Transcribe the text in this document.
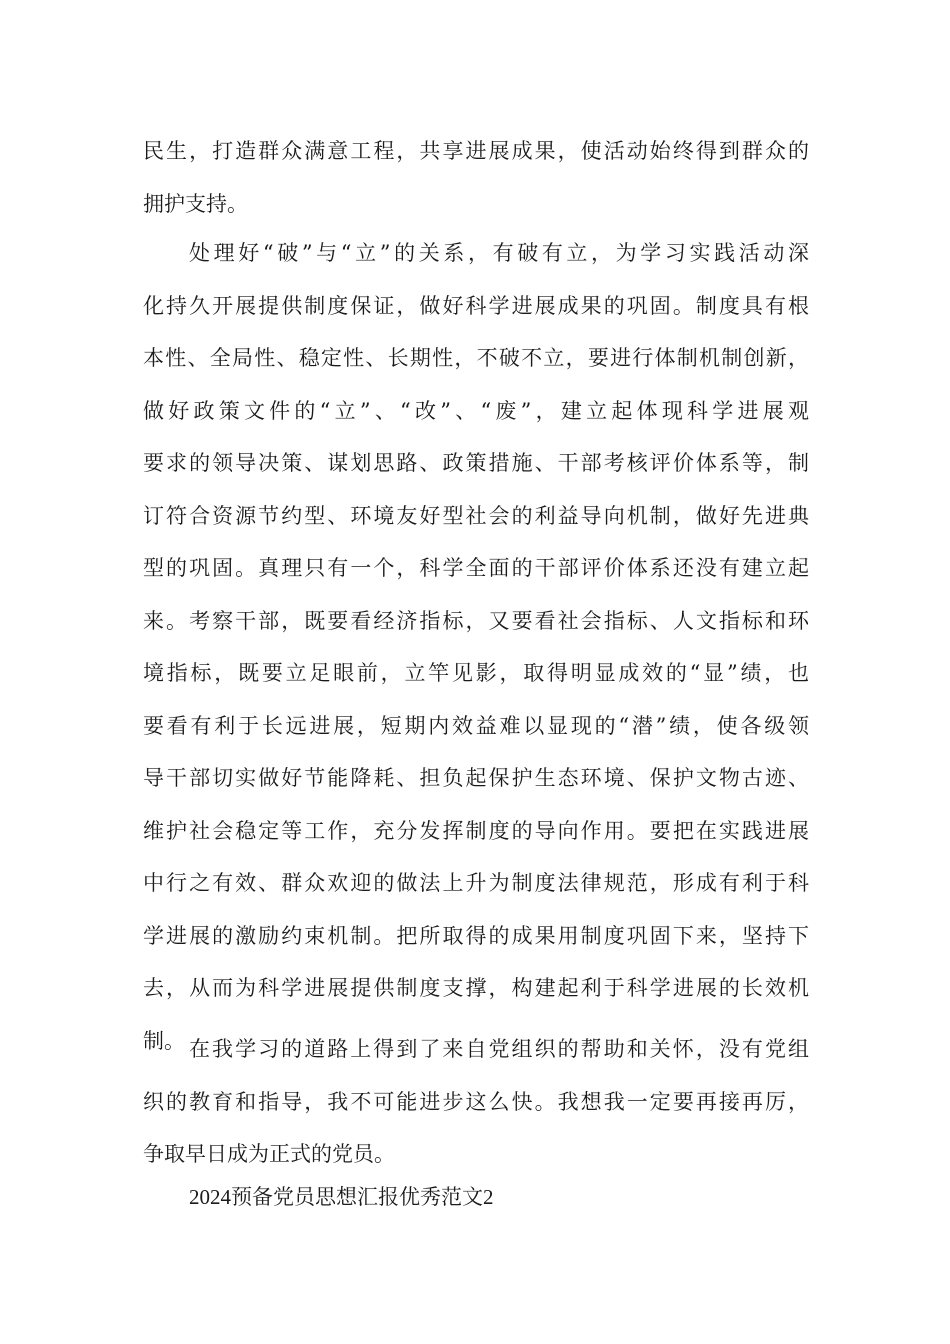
民生，打造群众满意工程，共享进展成果，使活动始终得到群众的
拥护支持。
处理好“破”与“立”的关系，有破有立，为学习实践活动深
化持久开展提供制度保证，做好科学进展成果的巩固。制度具有根
本性、全局性、稳定性、长期性，不破不立，要进行体制机制创新，
做好政策文件的“立”、“改”、“废”，建立起体现科学进展观
要求的领导决策、谋划思路、政策措施、干部考核评价体系等，制
订符合资源节约型、环境友好型社会的利益导向机制，做好先进典
型的巩固。真理只有一个，科学全面的干部评价体系还没有建立起
来。考察干部，既要看经济指标，又要看社会指标、人文指标和环
境指标，既要立足眼前，立竿见影，取得明显成效的“显”绩，也
要看有利于长远进展，短期内效益难以显现的“潜”绩，使各级领
导干部切实做好节能降耗、担负起保护生态环境、保护文物古迹、
维护社会稳定等工作，充分发挥制度的导向作用。要把在实践进展
中行之有效、群众欢迎的做法上升为制度法律规范，形成有利于科
学进展的激励约束机制。把所取得的成果用制度巩固下来，坚持下
去，从而为科学进展提供制度支撑，构建起利于科学进展的长效机
制。 在我学习的道路上得到了来自党组织的帮助和关怀，没有党组
织的教育和指导，我不可能进步这么快。我想我一定要再接再厉，
争取早日成为正式的党员。
2024预备党员思想汇报优秀范文2
